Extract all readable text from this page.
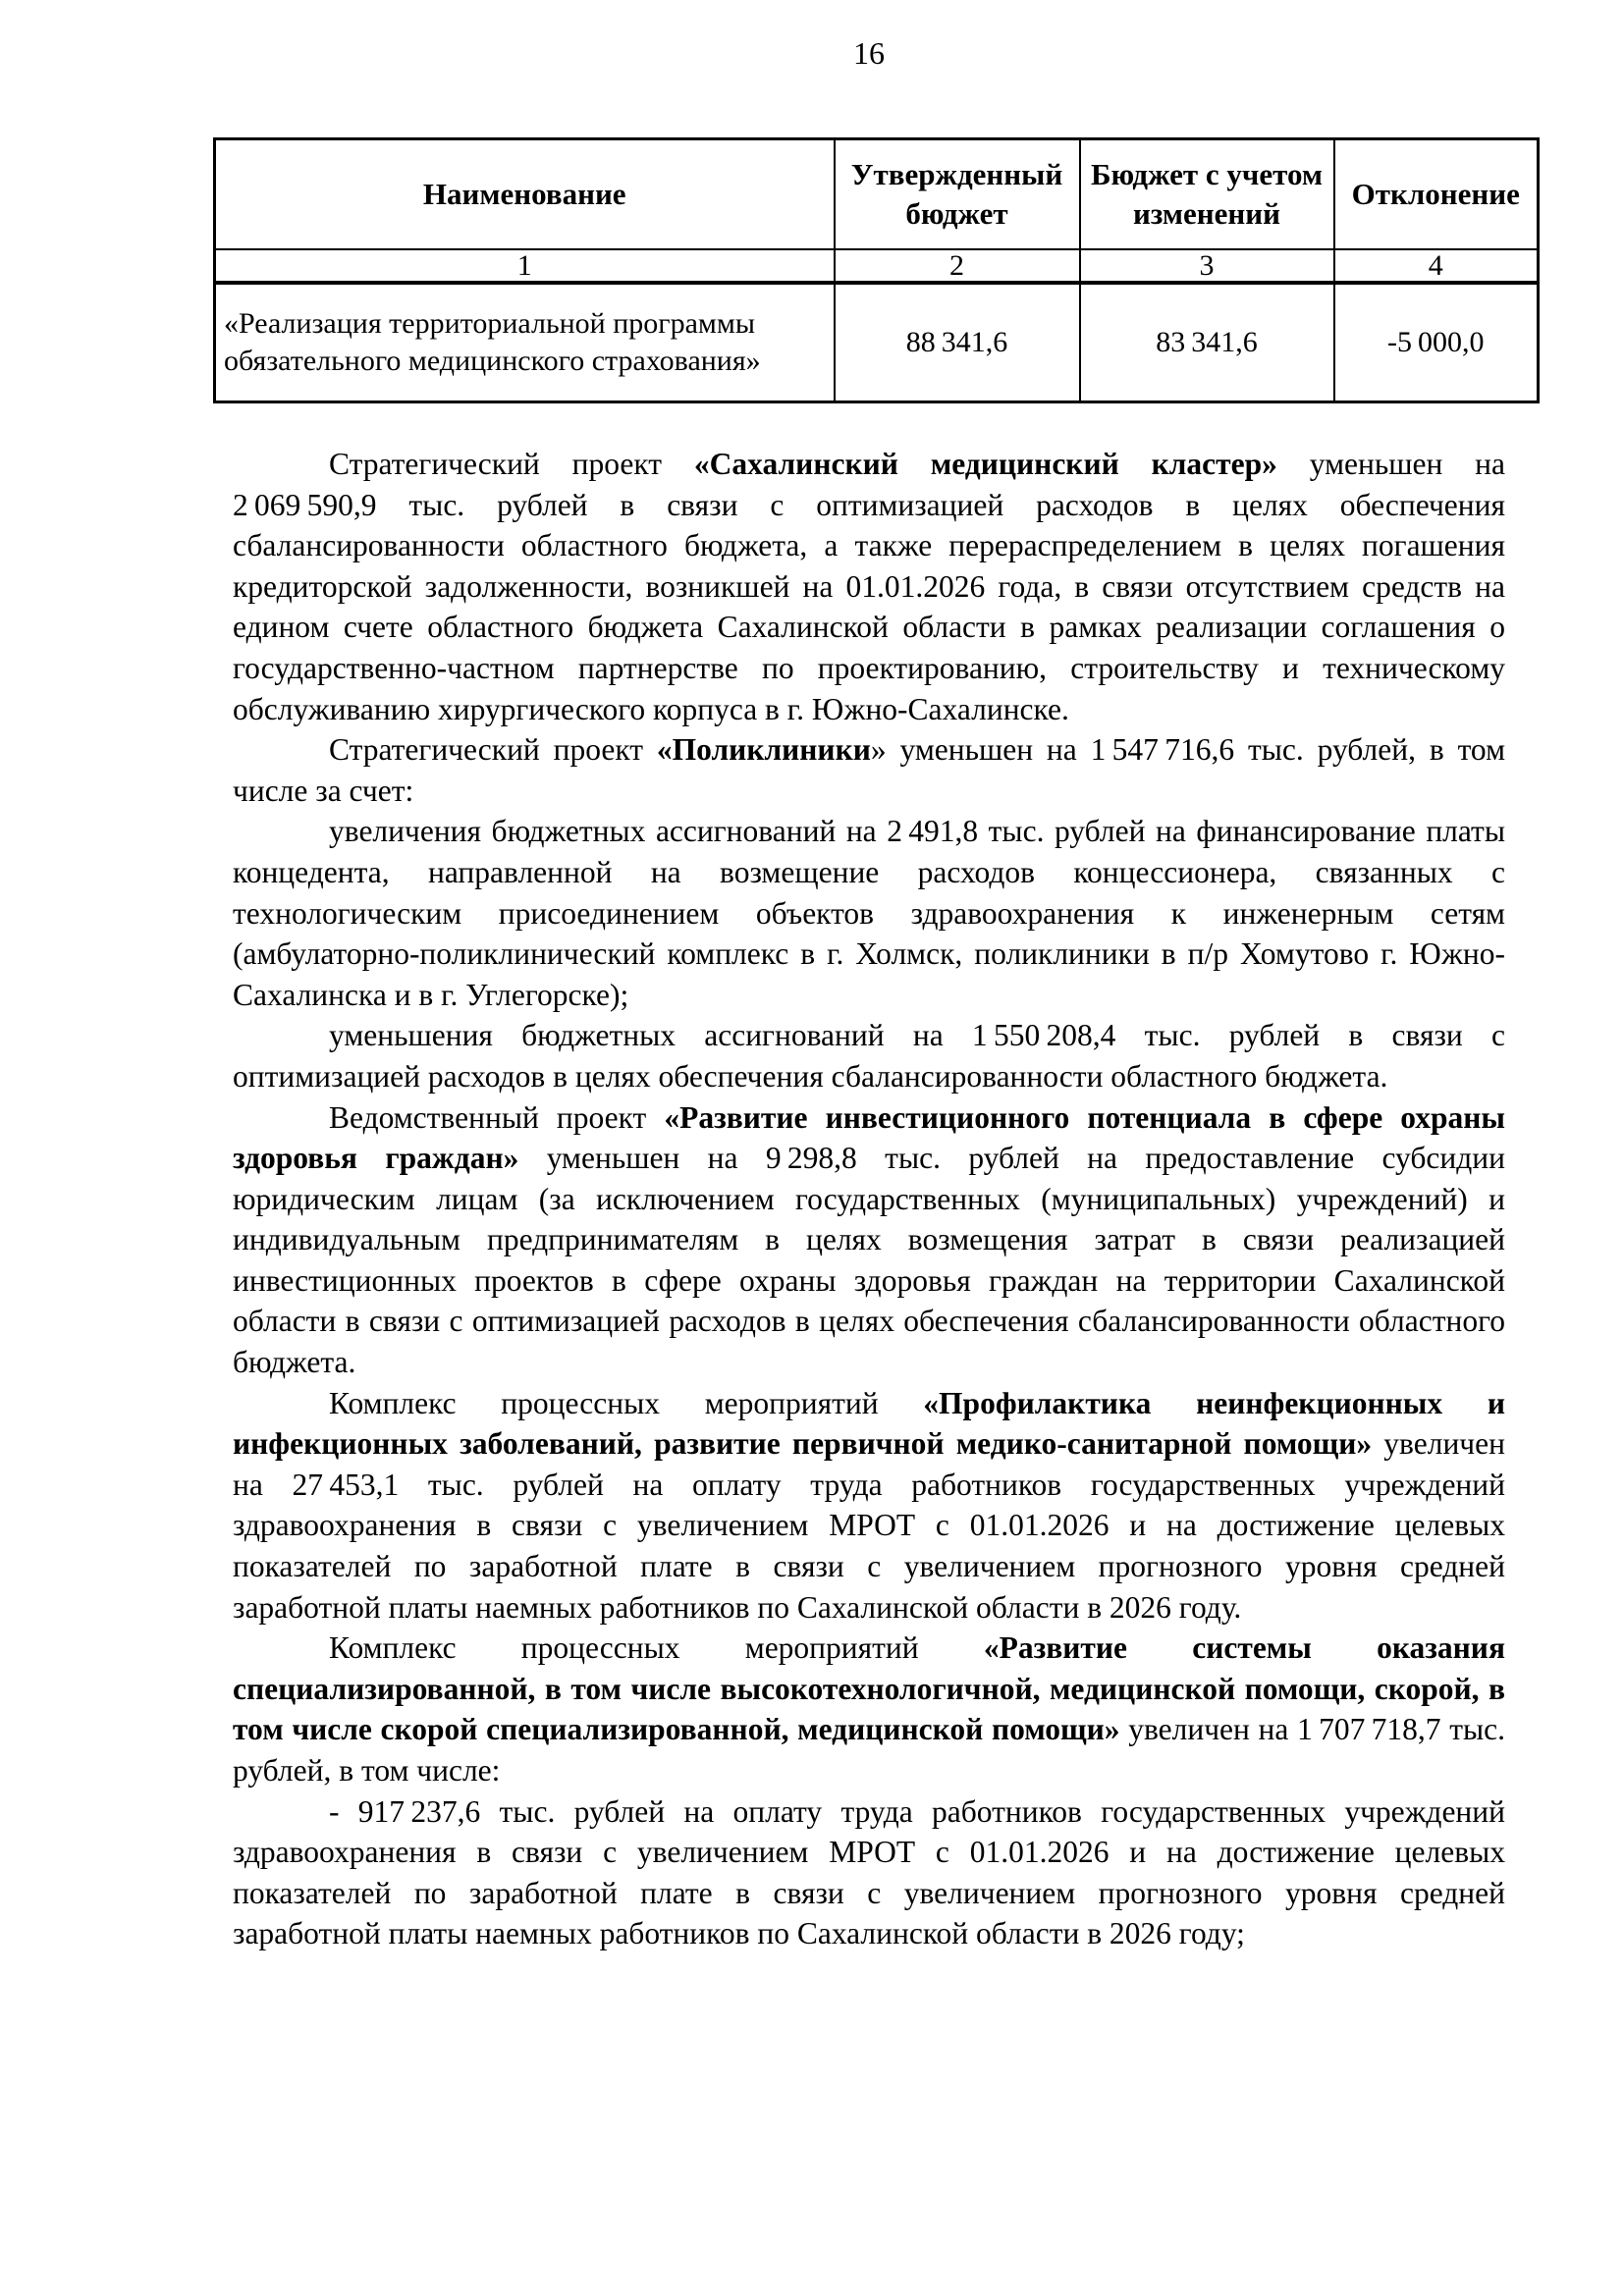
16
Наименование	Утвержденный бюджет	Бюджет с учетом изменений	Отклонение
1	2	3	4
«Реализация территориальной программы обязательного медицинского страхования»	88 341,6	83 341,6	-5 000,0

Стратегический проект «Сахалинский медицинский кластер» уменьшен на 2 069 590,9 тыс. рублей в связи с оптимизацией расходов в целях обеспечения сбалансированности областного бюджета, а также перераспределением в целях погашения кредиторской задолженности, возникшей на 01.01.2026 года, в связи отсутствием средств на едином счете областного бюджета Сахалинской области в рамках реализации соглашения о государственно-частном партнерстве по проектированию, строительству и техническому обслуживанию хирургического корпуса в г. Южно-Сахалинске.

Стратегический проект «Поликлиники» уменьшен на 1 547 716,6 тыс. рублей, в том числе за счет:

увеличения бюджетных ассигнований на 2 491,8 тыс. рублей на финансирование платы концедента, направленной на возмещение расходов концессионера, связанных с технологическим присоединением объектов здравоохранения к инженерным сетям (амбулаторно-поликлинический комплекс в г. Холмск, поликлиники в п/р Хомутово г. Южно-Сахалинска и в г. Углегорске);

уменьшения бюджетных ассигнований на 1 550 208,4 тыс. рублей в связи с оптимизацией расходов в целях обеспечения сбалансированности областного бюджета.

Ведомственный проект «Развитие инвестиционного потенциала в сфере охраны здоровья граждан» уменьшен на 9 298,8 тыс. рублей на предоставление субсидии юридическим лицам (за исключением государственных (муниципальных) учреждений) и индивидуальным предпринимателям в целях возмещения затрат в связи реализацией инвестиционных проектов в сфере охраны здоровья граждан на территории Сахалинской области в связи с оптимизацией расходов в целях обеспечения сбалансированности областного бюджета.

Комплекс процессных мероприятий «Профилактика неинфекционных и инфекционных заболеваний, развитие первичной медико-санитарной помощи» увеличен на 27 453,1 тыс. рублей на оплату труда работников государственных учреждений здравоохранения в связи с увеличением МРОТ с 01.01.2026 и на достижение целевых показателей по заработной плате в связи с увеличением прогнозного уровня средней заработной платы наемных работников по Сахалинской области в 2026 году.

Комплекс процессных мероприятий «Развитие системы оказания специализированной, в том числе высокотехнологичной, медицинской помощи, скорой, в том числе скорой специализированной, медицинской помощи» увеличен на 1 707 718,7 тыс. рублей, в том числе:

- 917 237,6 тыс. рублей на оплату труда работников государственных учреждений здравоохранения в связи с увеличением МРОТ с 01.01.2026 и на достижение целевых показателей по заработной плате в связи с увеличением прогнозного уровня средней заработной платы наемных работников по Сахалинской области в 2026 году;
